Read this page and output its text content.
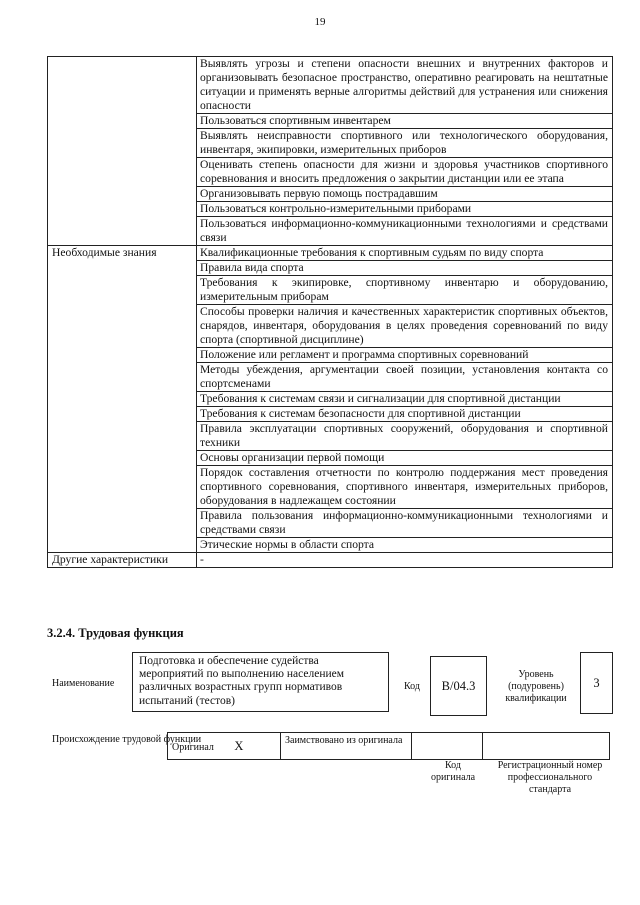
19
	Выявлять угрозы и степени опасности внешних и внутренних факторов и организовывать безопасное пространство, оперативно реагировать на нештатные ситуации и применять верные алгоритмы действий для устранения или снижения опасности
	Пользоваться спортивным инвентарем
	Выявлять неисправности спортивного или технологического оборудования, инвентаря, экипировки, измерительных приборов
	Оценивать степень опасности для жизни и здоровья участников спортивного соревнования и вносить предложения о закрытии дистанции или ее этапа
	Организовывать первую помощь пострадавшим
	Пользоваться контрольно-измерительными приборами
	Пользоваться информационно-коммуникационными технологиями и средствами связи
Необходимые знания	Квалификационные требования к спортивным судьям по виду спорта
	Правила вида спорта
	Требования к экипировке, спортивному инвентарю и оборудованию, измерительным приборам
	Способы проверки наличия и качественных характеристик спортивных объектов, снарядов, инвентаря, оборудования в целях проведения соревнований по виду спорта (спортивной дисциплине)
	Положение или регламент и программа спортивных соревнований
	Методы убеждения, аргументации своей позиции, установления контакта со спортсменами
	Требования к системам связи и сигнализации для спортивной дистанции
	Требования к системам безопасности для спортивной дистанции
	Правила эксплуатации спортивных сооружений, оборудования и спортивной техники
	Основы организации первой помощи
	Порядок составления отчетности по контролю поддержания мест проведения спортивного соревнования, спортивного инвентаря, измерительных приборов, оборудования в надлежащем состоянии
	Правила пользования информационно-коммуникационными технологиями и средствами связи
	Этические нормы в области спорта
Другие характеристики	-
3.2.4. Трудовая функция
Наименование
Подготовка и обеспечение судейства мероприятий по выполнению населением различных возрастных групп нормативов испытаний (тестов)
Код	B/04.3
Уровень (подуровень) квалификации
3
Происхождение трудовой функции
Оригинал X	Заимствовано из оригинала		
Код оригинала
Регистрационный номер профессионального стандарта
